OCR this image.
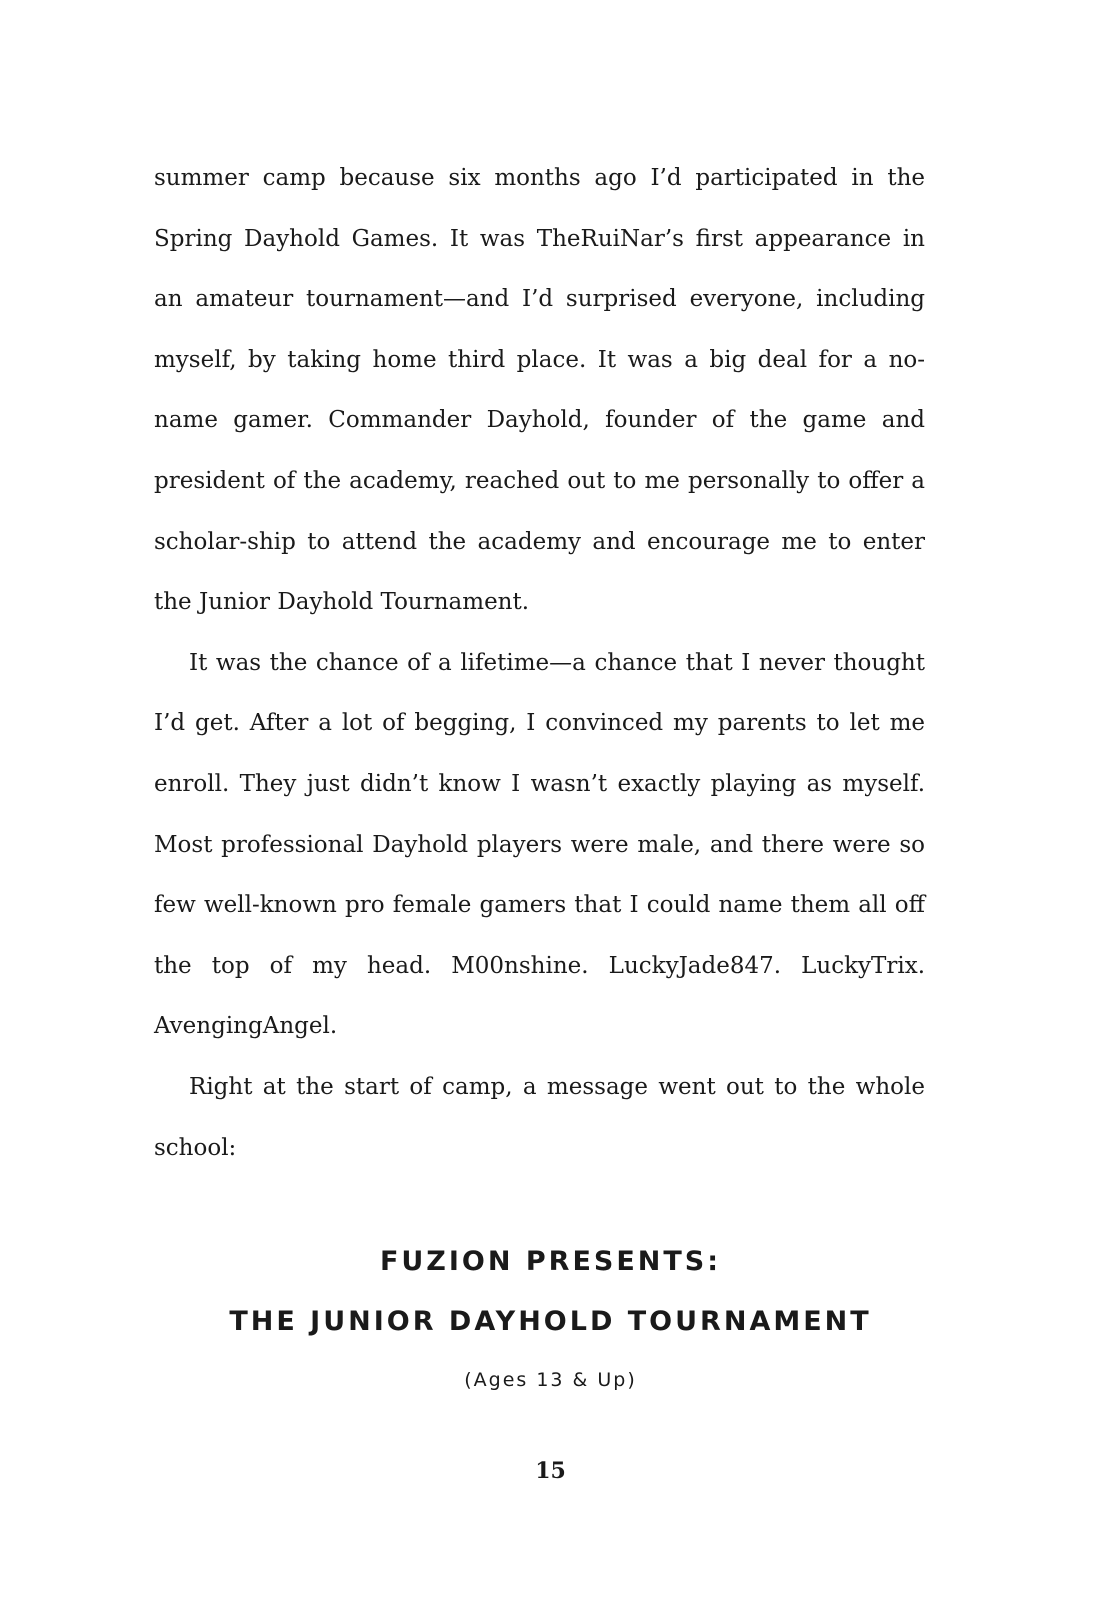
summer camp because six months ago I’d participated in the Spring Dayhold Games. It was TheRuiNar’s first appearance in an amateur tournament—and I’d surprised everyone, including myself, by taking home third place. It was a big deal for a no-name gamer. Commander Dayhold, founder of the game and president of the academy, reached out to me personally to offer a scholar-ship to attend the academy and encourage me to enter the Junior Dayhold Tournament.

It was the chance of a lifetime—a chance that I never thought I’d get. After a lot of begging, I convinced my parents to let me enroll. They just didn’t know I wasn’t exactly playing as myself. Most professional Dayhold players were male, and there were so few well-known pro female gamers that I could name them all off the top of my head. M00nshine. LuckyJade847. LuckyTrix. AvengingAngel.

Right at the start of camp, a message went out to the whole school:

FUZION PRESENTS:

THE JUNIOR DAYHOLD TOURNAMENT

(Ages 13 & Up)

15
